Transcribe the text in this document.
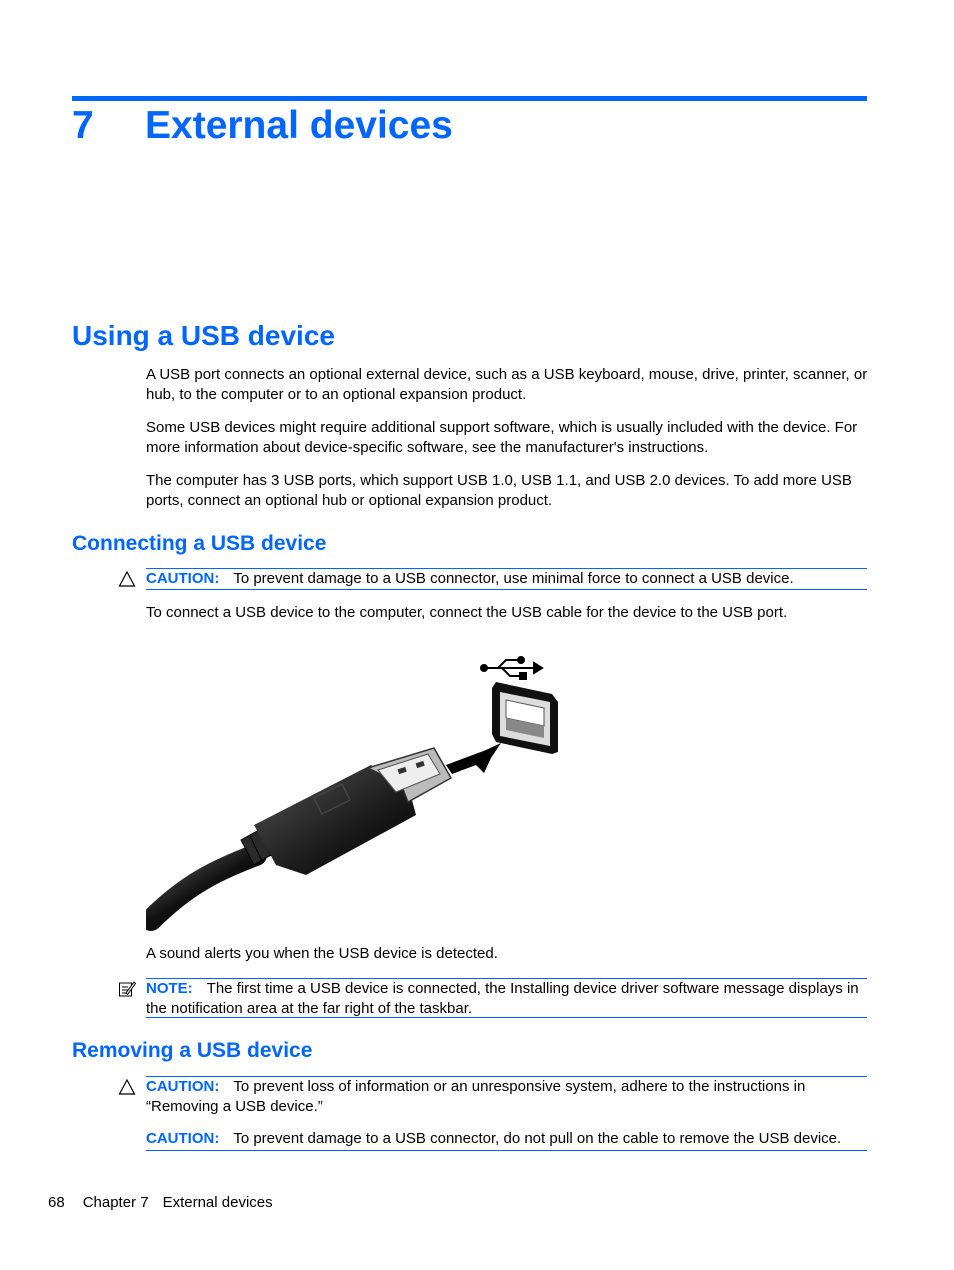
7 External devices
Using a USB device

A USB port connects an optional external device, such as a USB keyboard, mouse, drive, printer, scanner, or hub, to the computer or to an optional expansion product.

Some USB devices might require additional support software, which is usually included with the device. For more information about device-specific software, see the manufacturer's instructions.

The computer has 3 USB ports, which support USB 1.0, USB 1.1, and USB 2.0 devices. To add more USB ports, connect an optional hub or optional expansion product.

Connecting a USB device
CAUTION: To prevent damage to a USB connector, use minimal force to connect a USB device.

To connect a USB device to the computer, connect the USB cable for the device to the USB port.

A sound alerts you when the USB device is detected.

NOTE: The first time a USB device is connected, the Installing device driver software message displays in the notification area at the far right of the taskbar.
Removing a USB device
CAUTION: To prevent loss of information or an unresponsive system, adhere to the instructions in “Removing a USB device.”
CAUTION: To prevent damage to a USB connector, do not pull on the cable to remove the USB device.
68 Chapter 7 External devices
